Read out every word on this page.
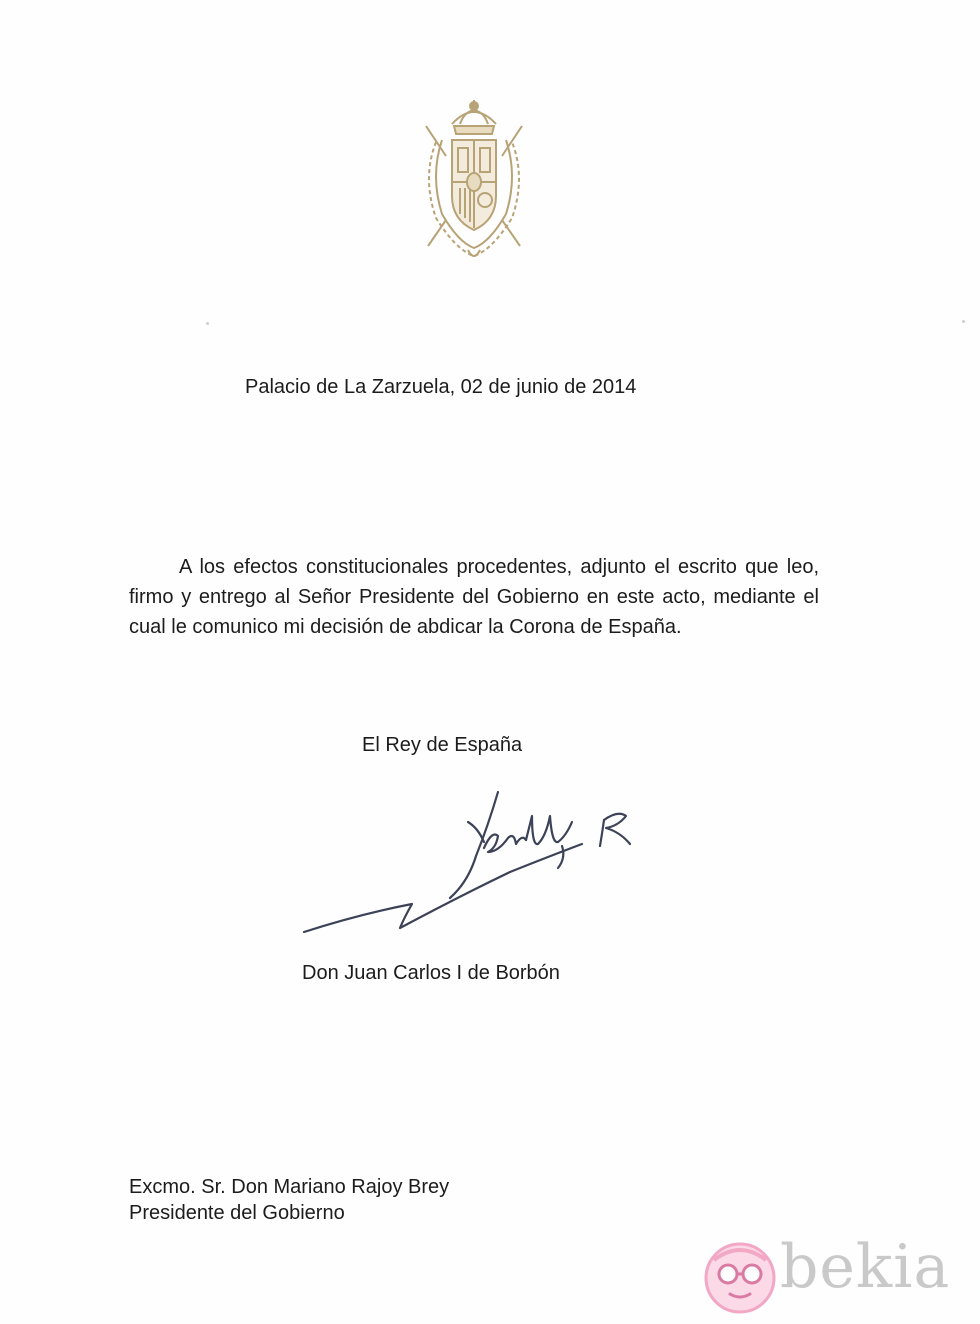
Palacio de La Zarzuela, 02 de junio de 2014

A los efectos constitucionales procedentes, adjunto el escrito que leo, firmo y entrego al Señor Presidente del Gobierno en este acto, mediante el cual le comunico mi decisión de abdicar la Corona de España.

El Rey de España
Don Juan Carlos I de Borbón
Excmo. Sr. Don Mariano Rajoy Brey
Presidente del Gobierno
bekia
